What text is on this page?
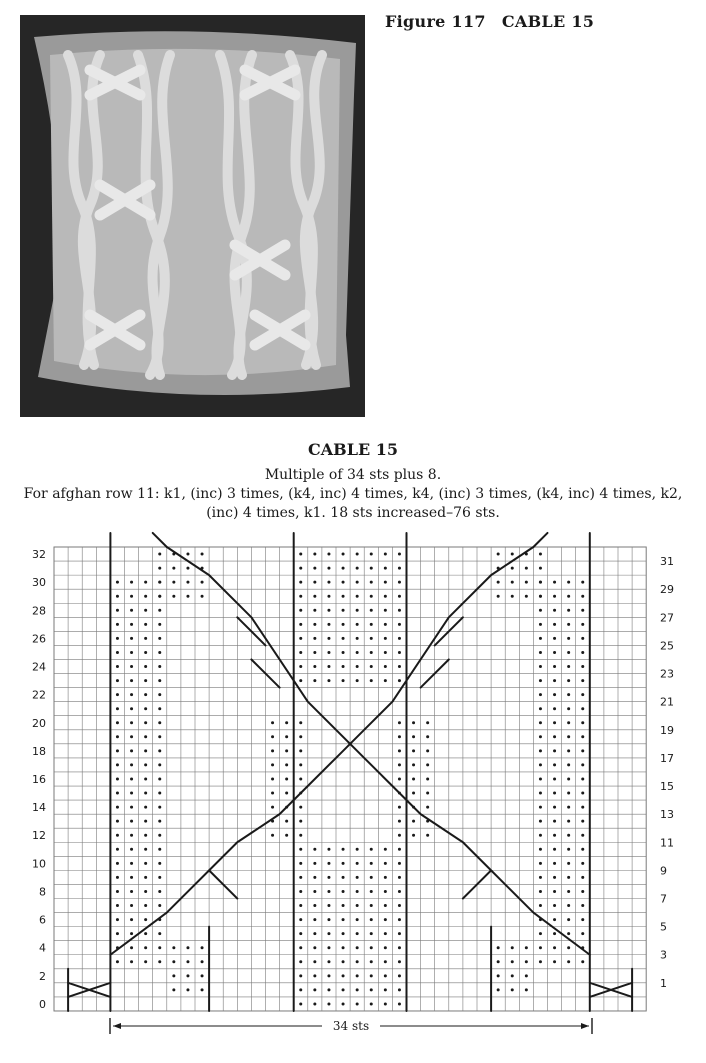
Figure 117 CABLE 15
CABLE 15
Multiple of 34 sts plus 8.
For afghan row 11: k1, (inc) 3 times, (k4, inc) 4 times, k4, (inc) 3 times, (k4, inc) 4 times, k2,
(inc) 4 times, k1. 18 sts increased–76 sts.
32
30
28
26
24
22
20
18
16
14
12
10
8
6
4
2
0
31
29
27
25
23
21
19
17
15
13
11
9
7
5
3
1
34 sts
